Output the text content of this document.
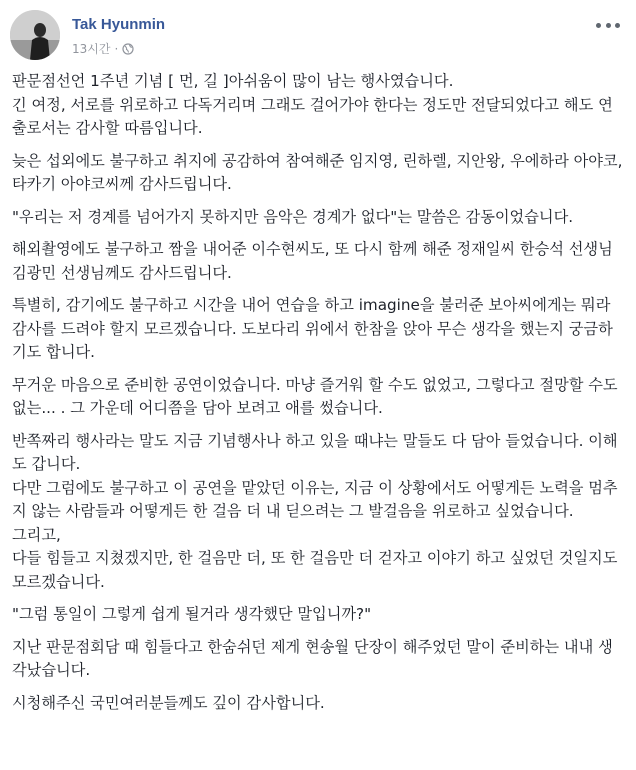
Tak Hyunmin
13시간 ·

판문점선언 1주년 기념 [ 먼, 길 ]아쉬움이 많이 남는 행사였습니다.
긴 여정, 서로를 위로하고 다독거리며 그래도 걸어가야 한다는 정도만 전달되었다고 해도 연출로서는 감사할 따름입니다.

늦은 섭외에도 불구하고 취지에 공감하여 참여해준 임지영, 린하렐, 지안왕, 우에하라 아야코, 타카기 아야코씨께 감사드립니다.

"우리는 저 경계를 넘어가지 못하지만 음악은 경계가 없다"는 말씀은 감동이었습니다.

해외촬영에도 불구하고 짬을 내어준 이수현씨도, 또 다시 함께 해준 정재일씨 한승석 선생님 김광민 선생님께도 감사드립니다.

특별히, 감기에도 불구하고 시간을 내어 연습을 하고 imagine을 불러준 보아씨에게는 뭐라 감사를 드려야 할지 모르겠습니다. 도보다리 위에서 한참을 앉아 무슨 생각을 했는지 궁금하기도 합니다.

무거운 마음으로 준비한 공연이었습니다. 마냥 즐거워 할 수도 없었고, 그렇다고 절망할 수도 없는... . 그 가운데 어디쯤을 담아 보려고 애를 썼습니다.

반쪽짜리 행사라는 말도 지금 기념행사나 하고 있을 때냐는 말들도 다 담아 들었습니다. 이해도 갑니다.
다만 그럼에도 불구하고 이 공연을 맡았던 이유는, 지금 이 상황에서도 어떻게든 노력을 멈추지 않는 사람들과 어떻게든 한 걸음 더 내 딛으려는 그 발걸음을 위로하고 싶었습니다.
그리고,
다들 힘들고 지쳤겠지만, 한 걸음만 더, 또 한 걸음만 더 걷자고 이야기 하고 싶었던 것일지도 모르겠습니다.

"그럼 통일이 그렇게 쉽게 될거라 생각했단 말입니까?"

지난 판문점회담 때 힘들다고 한숨쉬던 제게 현송월 단장이 해주었던 말이 준비하는 내내 생각났습니다.

시청해주신 국민여러분들께도 깊이 감사합니다.
